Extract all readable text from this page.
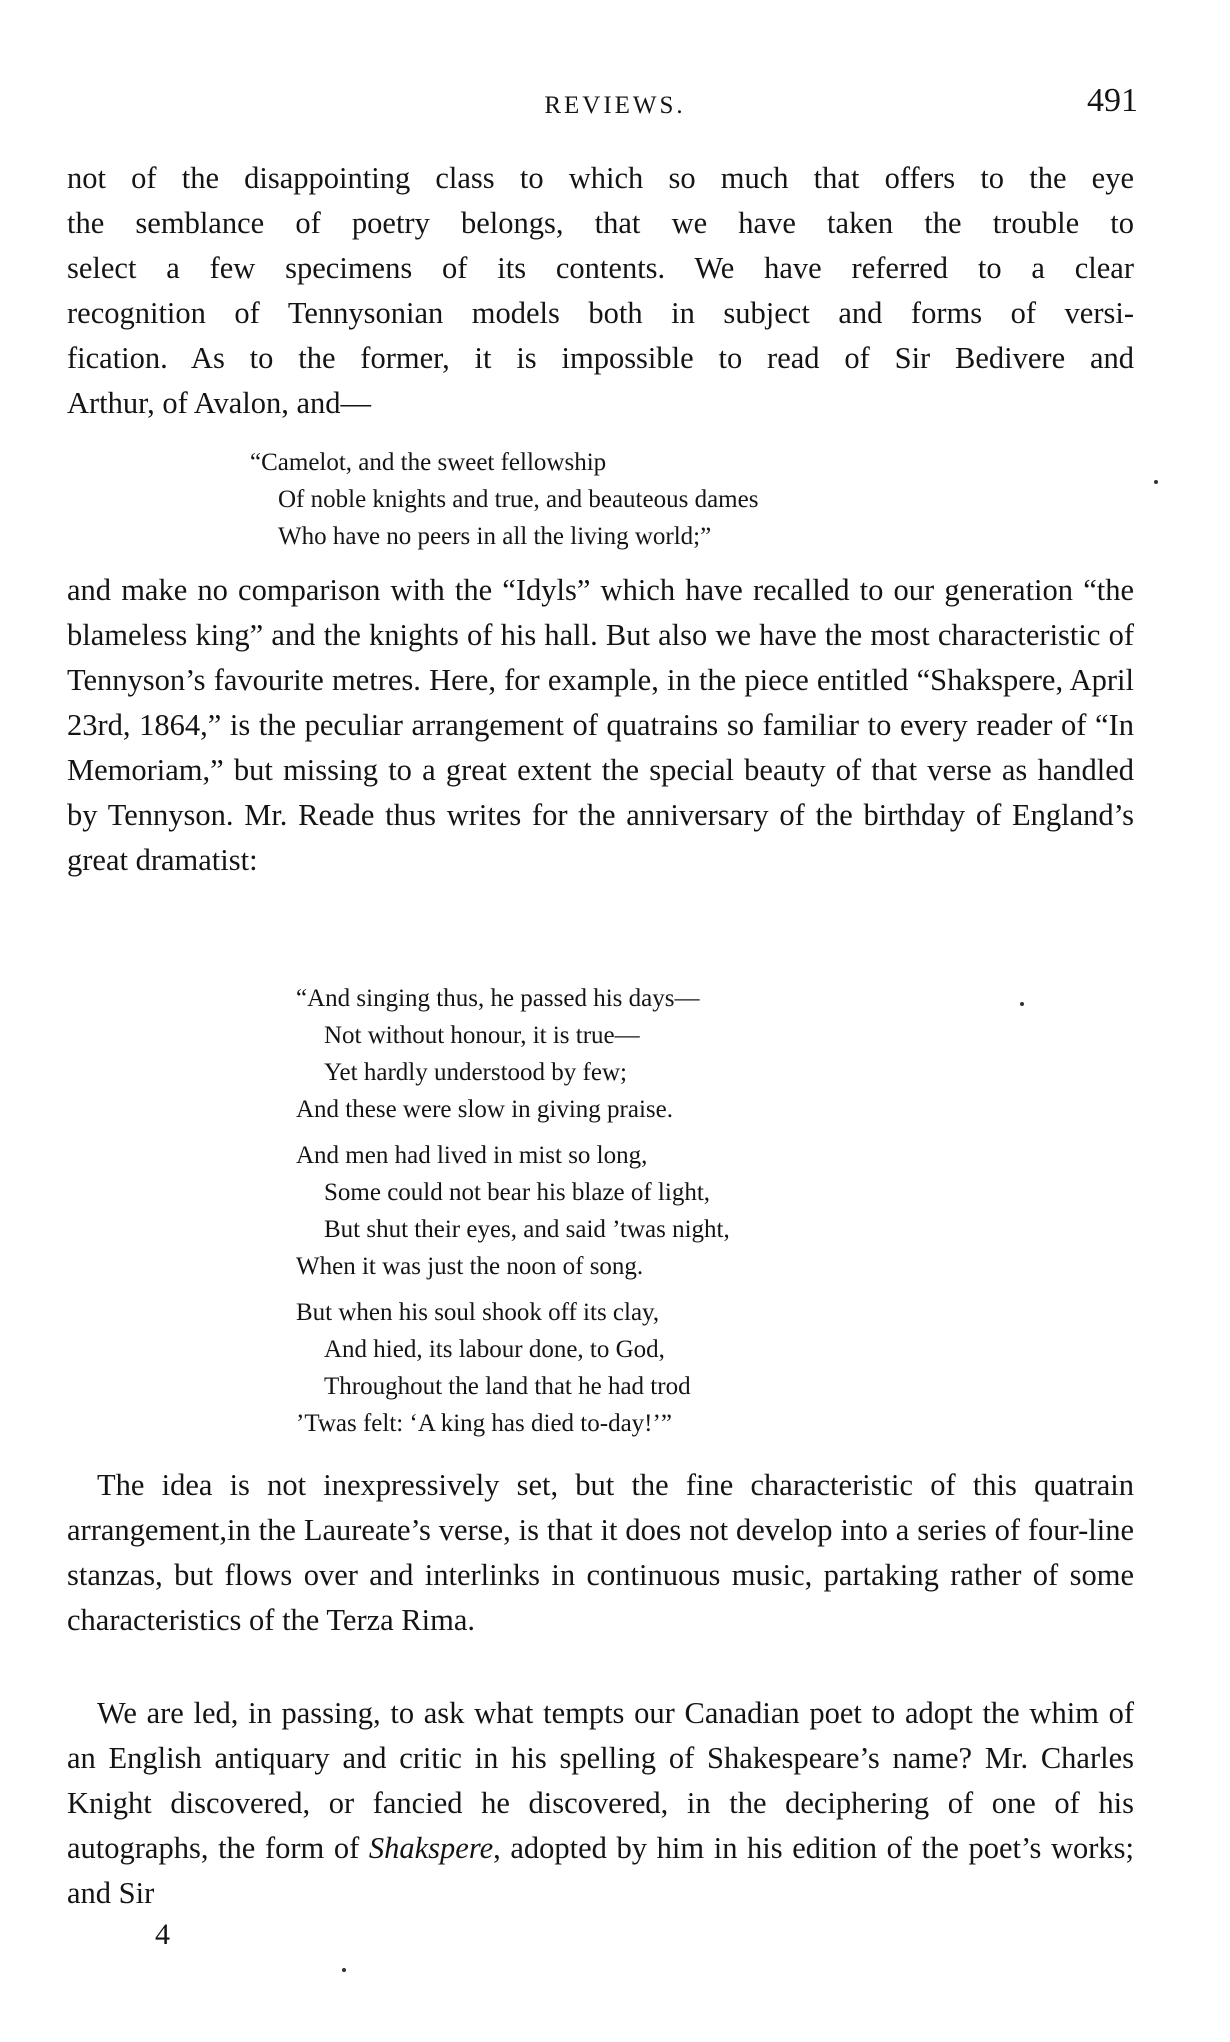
REVIEWS.	491

not of the disappointing class to which so much that offers to the eye

the semblance of poetry belongs, that we have taken the trouble to

select a few specimens of its contents. We have referred to a clear

recognition of Tennysonian models both in subject and forms of versi-

fication. As to the former, it is impossible to read of Sir Bedivere and

Arthur, of Avalon, and—

“Camelot, and the sweet fellowship
Of noble knights and true, and beauteous dames
Who have no peers in all the living world;”

and make no comparison with the “Idyls” which have recalled to our generation “the blameless king” and the knights of his hall. But also we have the most characteristic of Tennyson’s favourite metres. Here, for example, in the piece entitled “Shakspere, April 23rd, 1864,” is the peculiar arrangement of quatrains so familiar to every reader of “In Memoriam,” but missing to a great extent the special beauty of that verse as handled by Tennyson. Mr. Reade thus writes for the anniversary of the birthday of England’s great dramatist:

“And singing thus, he passed his days—
Not without honour, it is true—
Yet hardly understood by few;
And these were slow in giving praise.
And men had lived in mist so long,
Some could not bear his blaze of light,
But shut their eyes, and said ’twas night,
When it was just the noon of song.
But when his soul shook off its clay,
And hied, its labour done, to God,
Throughout the land that he had trod
’Twas felt: ‘A king has died to-day!’”

The idea is not inexpressively set, but the fine characteristic of this quatrain arrangement,in the Laureate’s verse, is that it does not develop into a series of four-line stanzas, but flows over and interlinks in continuous music, partaking rather of some characteristics of the Terza Rima.

We are led, in passing, to ask what tempts our Canadian poet to adopt the whim of an English antiquary and critic in his spelling of Shakespeare’s name? Mr. Charles Knight discovered, or fancied he discovered, in the deciphering of one of his autographs, the form of Shakspere, adopted by him in his edition of the poet’s works; and Sir

4
